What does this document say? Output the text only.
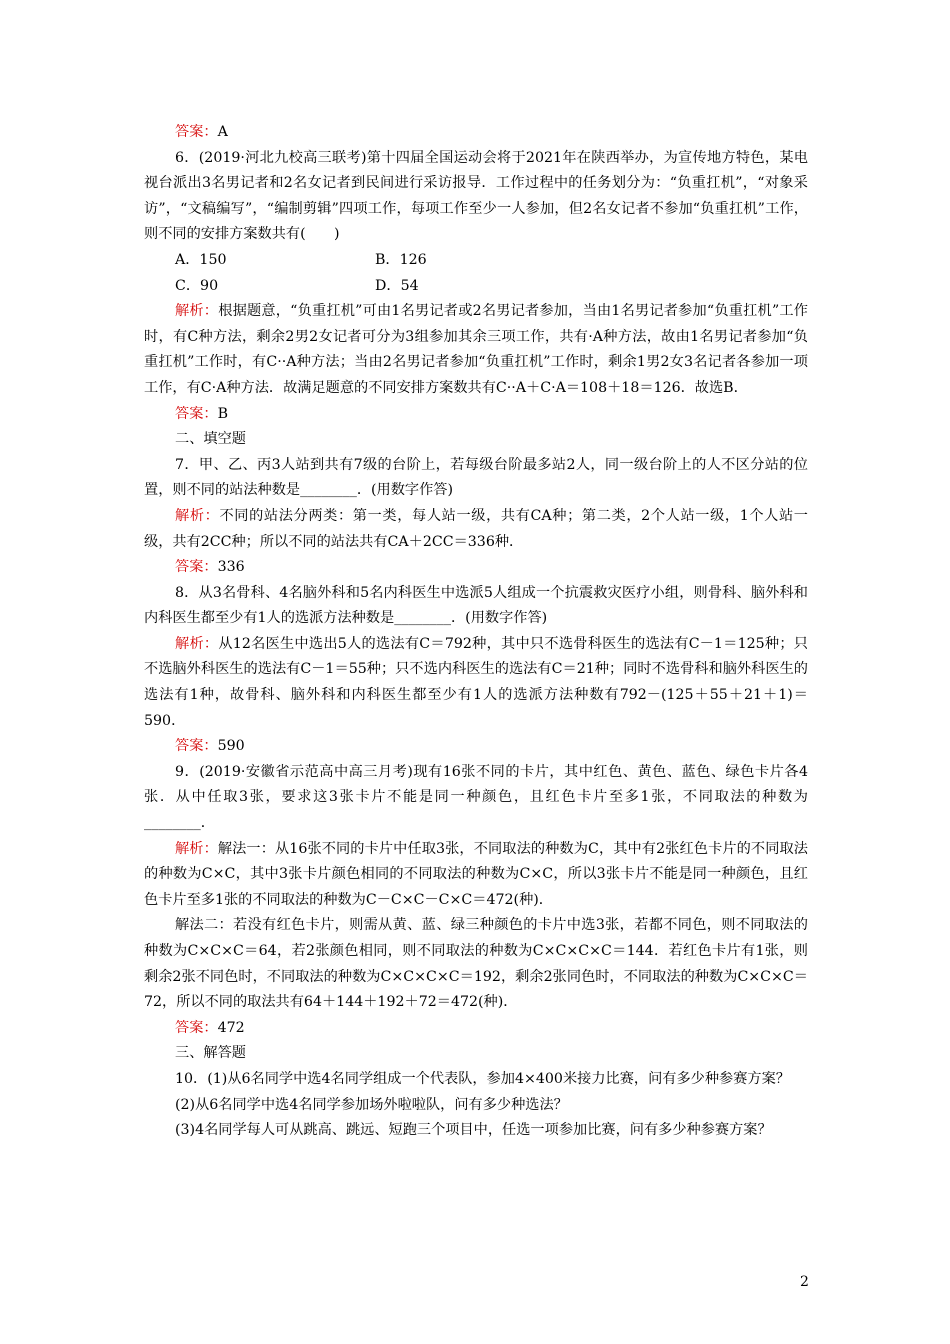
答案：A

6．(2019·河北九校高三联考)第十四届全国运动会将于2021年在陕西举办，为宣传地方特色，某电视台派出3名男记者和2名女记者到民间进行采访报导．工作过程中的任务划分为：“负重扛机”，“对象采访”，“文稿编写”，“编制剪辑”四项工作，每项工作至少一人参加，但2名女记者不参加“负重扛机”工作，则不同的安排方案数共有(　　)

A．150	B．126
C．90	D．54

解析：根据题意，“负重扛机”可由1名男记者或2名男记者参加，当由1名男记者参加“负重扛机”工作时，有C种方法，剩余2男2女记者可分为3组参加其余三项工作，共有·A种方法，故由1名男记者参加“负重扛机”工作时，有C··A种方法；当由2名男记者参加“负重扛机”工作时，剩余1男2女3名记者各参加一项工作，有C·A种方法．故满足题意的不同安排方案数共有C··A＋C·A＝108＋18＝126．故选B．

答案：B

二、填空题

7．甲、乙、丙3人站到共有7级的台阶上，若每级台阶最多站2人，同一级台阶上的人不区分站的位置，则不同的站法种数是________．(用数字作答)

解析：不同的站法分两类：第一类，每人站一级，共有CA种；第二类，2个人站一级，1个人站一级，共有2CC种；所以不同的站法共有CA＋2CC＝336种．

答案：336

8．从3名骨科、4名脑外科和5名内科医生中选派5人组成一个抗震救灾医疗小组，则骨科、脑外科和内科医生都至少有1人的选派方法种数是________．(用数字作答)

解析：从12名医生中选出5人的选法有C＝792种，其中只不选骨科医生的选法有C－1＝125种；只不选脑外科医生的选法有C－1＝55种；只不选内科医生的选法有C＝21种；同时不选骨科和脑外科医生的选法有1种，故骨科、脑外科和内科医生都至少有1人的选派方法种数有792－(125＋55＋21＋1)＝590．

答案：590

9．(2019·安徽省示范高中高三月考)现有16张不同的卡片，其中红色、黄色、蓝色、绿色卡片各4张．从中任取3张，要求这3张卡片不能是同一种颜色，且红色卡片至多1张，不同取法的种数为________．

解析：解法一：从16张不同的卡片中任取3张，不同取法的种数为C，其中有2张红色卡片的不同取法的种数为C×C，其中3张卡片颜色相同的不同取法的种数为C×C，所以3张卡片不能是同一种颜色，且红色卡片至多1张的不同取法的种数为C－C×C－C×C＝472(种)．

解法二：若没有红色卡片，则需从黄、蓝、绿三种颜色的卡片中选3张，若都不同色，则不同取法的种数为C×C×C＝64，若2张颜色相同，则不同取法的种数为C×C×C×C＝144．若红色卡片有1张，则剩余2张不同色时，不同取法的种数为C×C×C×C＝192，剩余2张同色时，不同取法的种数为C×C×C＝72，所以不同的取法共有64＋144＋192＋72＝472(种)．

答案：472

三、解答题

10．(1)从6名同学中选4名同学组成一个代表队，参加4×400米接力比赛，问有多少种参赛方案？

(2)从6名同学中选4名同学参加场外啦啦队，问有多少种选法？

(3)4名同学每人可从跳高、跳远、短跑三个项目中，任选一项参加比赛，问有多少种参赛方案？

2
